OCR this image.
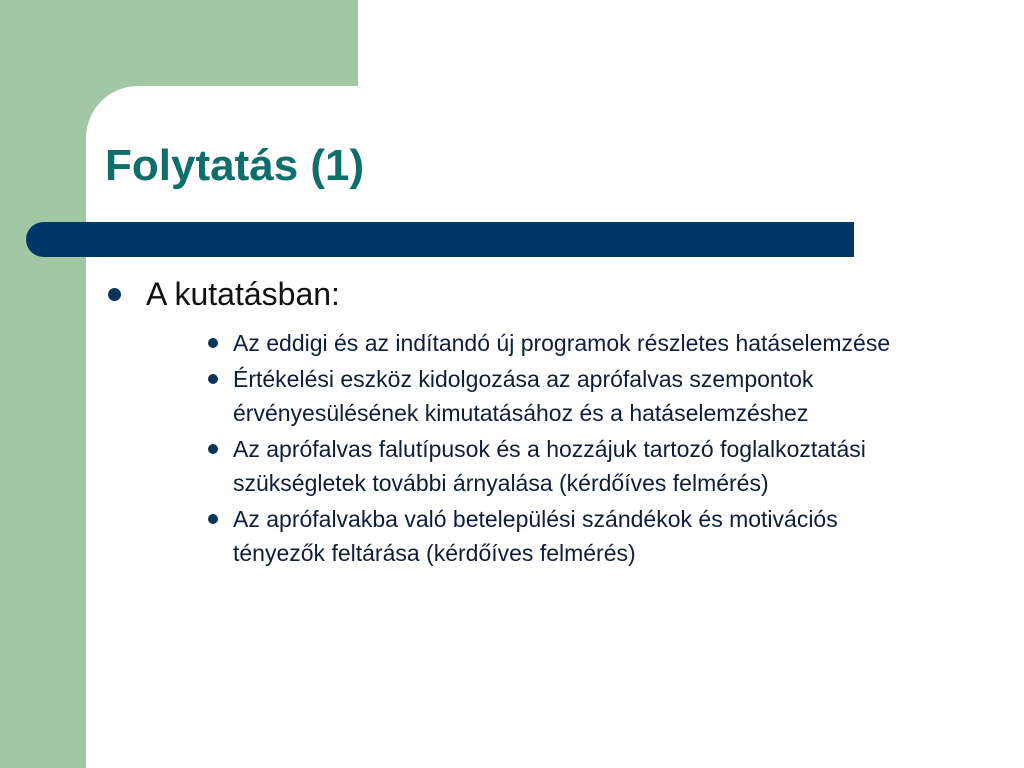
Folytatás (1)
A kutatásban:
Az eddigi és az indítandó új programok részletes hatáselemzése
Értékelési eszköz kidolgozása az aprófalvas szempontok érvényesülésének kimutatásához és a hatáselemzéshez
Az aprófalvas falutípusok és a hozzájuk tartozó foglalkoztatási szükségletek további árnyalása (kérdőíves felmérés)
Az aprófalvakba való betelepülési szándékok és motivációs tényezők feltárása (kérdőíves felmérés)
